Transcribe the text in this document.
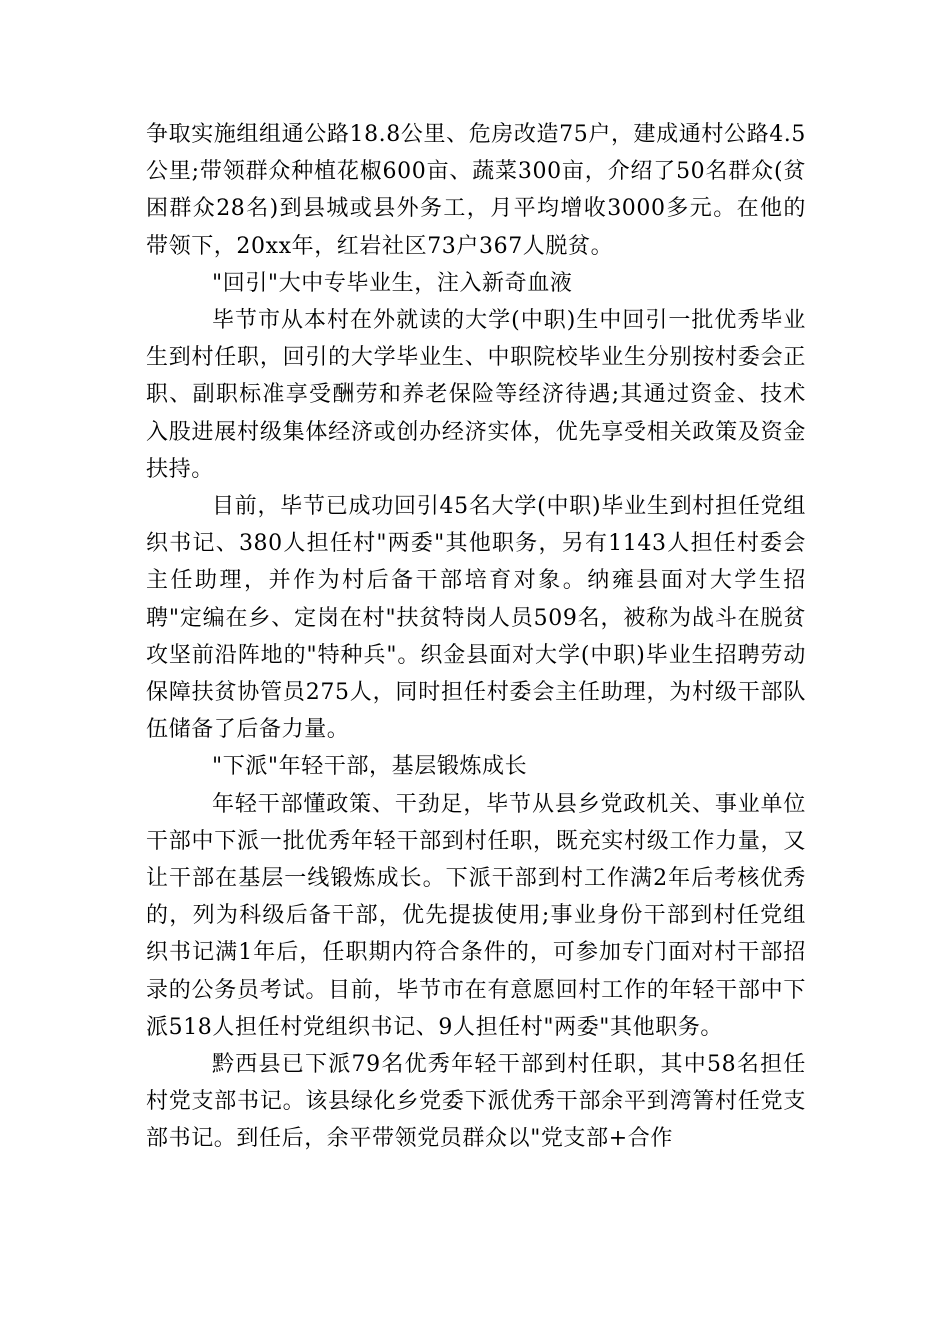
争取实施组组通公路18.8公里、危房改造75户，建成通村公路4.5公里;带领群众种植花椒600亩、蔬菜300亩，介绍了50名群众(贫困群众28名)到县城或县外务工，月平均增收3000多元。在他的带领下，20xx年，红岩社区73户367人脱贫。

"回引"大中专毕业生，注入新奇血液

毕节市从本村在外就读的大学(中职)生中回引一批优秀毕业生到村任职，回引的大学毕业生、中职院校毕业生分别按村委会正职、副职标准享受酬劳和养老保险等经济待遇;其通过资金、技术入股进展村级集体经济或创办经济实体，优先享受相关政策及资金扶持。

目前，毕节已成功回引45名大学(中职)毕业生到村担任党组织书记、380人担任村"两委"其他职务，另有1143人担任村委会主任助理，并作为村后备干部培育对象。纳雍县面对大学生招聘"定编在乡、定岗在村"扶贫特岗人员509名，被称为战斗在脱贫攻坚前沿阵地的"特种兵"。织金县面对大学(中职)毕业生招聘劳动保障扶贫协管员275人，同时担任村委会主任助理，为村级干部队伍储备了后备力量。

"下派"年轻干部，基层锻炼成长

年轻干部懂政策、干劲足，毕节从县乡党政机关、事业单位干部中下派一批优秀年轻干部到村任职，既充实村级工作力量，又让干部在基层一线锻炼成长。下派干部到村工作满2年后考核优秀的，列为科级后备干部，优先提拔使用;事业身份干部到村任党组织书记满1年后，任职期内符合条件的，可参加专门面对村干部招录的公务员考试。目前，毕节市在有意愿回村工作的年轻干部中下派518人担任村党组织书记、9人担任村"两委"其他职务。

黔西县已下派79名优秀年轻干部到村任职，其中58名担任村党支部书记。该县绿化乡党委下派优秀干部余平到湾箐村任党支部书记。到任后，余平带领党员群众以"党支部+合作
